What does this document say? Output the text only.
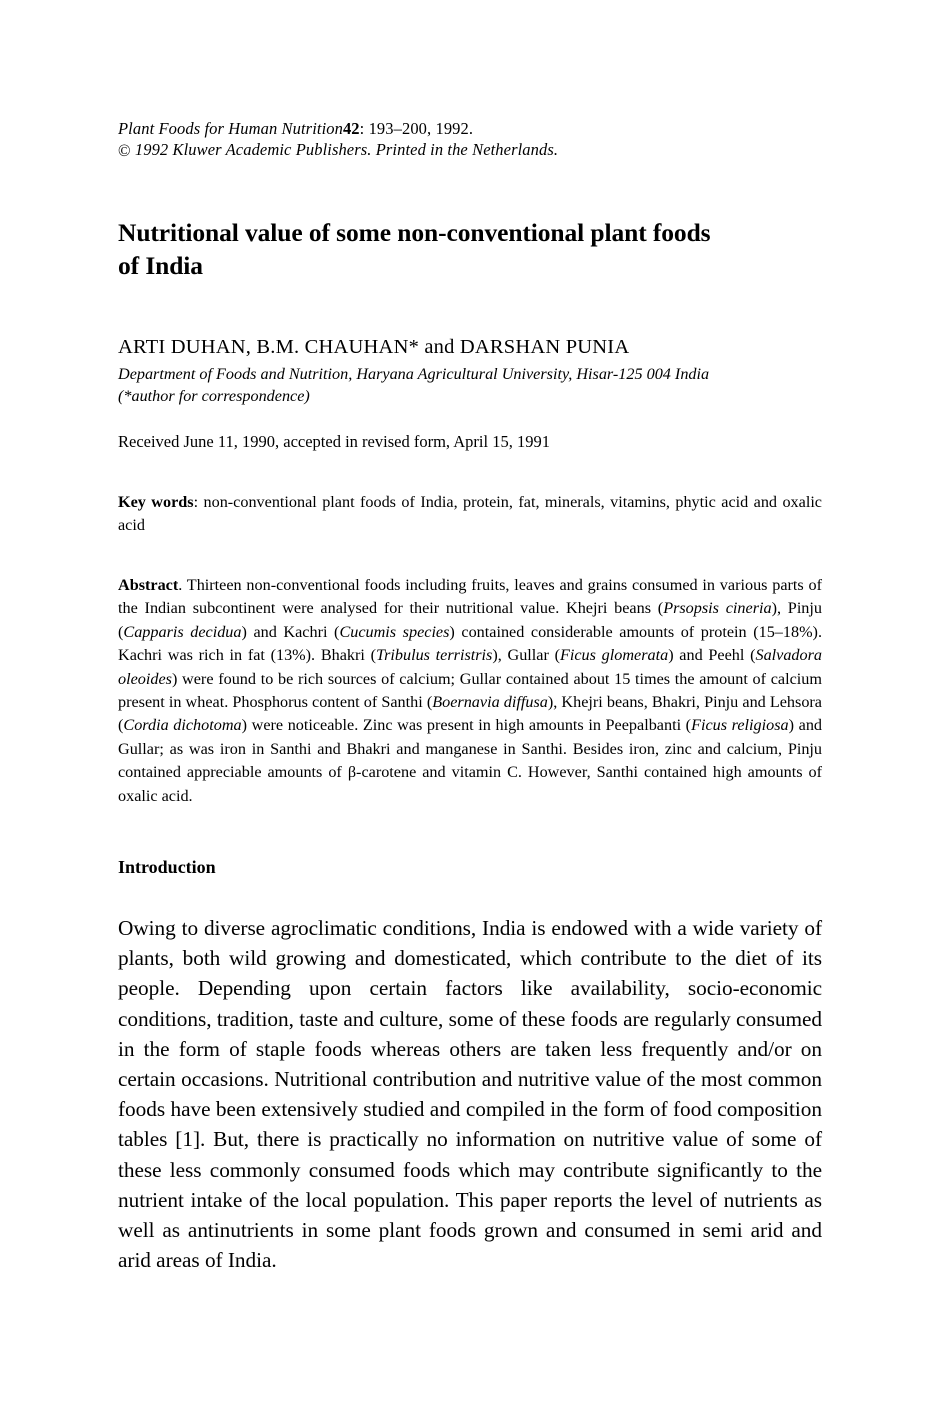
Plant Foods for Human Nutrition42: 193–200, 1992.
© 1992 Kluwer Academic Publishers. Printed in the Netherlands.
Nutritional value of some non-conventional plant foods
of India
ARTI DUHAN, B.M. CHAUHAN* and DARSHAN PUNIA
Department of Foods and Nutrition, Haryana Agricultural University, Hisar-125 004 India
(*author for correspondence)
Received June 11, 1990, accepted in revised form, April 15, 1991
Key words: non-conventional plant foods of India, protein, fat, minerals, vitamins, phytic acid and oxalic acid
Abstract. Thirteen non-conventional foods including fruits, leaves and grains consumed in various parts of the Indian subcontinent were analysed for their nutritional value. Khejri beans (Prsopsis cineria), Pinju (Capparis decidua) and Kachri (Cucumis species) contained considerable amounts of protein (15–18%). Kachri was rich in fat (13%). Bhakri (Tribulus terristris), Gullar (Ficus glomerata) and Peehl (Salvadora oleoides) were found to be rich sources of calcium; Gullar contained about 15 times the amount of calcium present in wheat. Phosphorus content of Santhi (Boernavia diffusa), Khejri beans, Bhakri, Pinju and Lehsora (Cordia dichotoma) were noticeable. Zinc was present in high amounts in Peepalbanti (Ficus religiosa) and Gullar; as was iron in Santhi and Bhakri and manganese in Santhi. Besides iron, zinc and calcium, Pinju contained appreciable amounts of β-carotene and vitamin C. However, Santhi contained high amounts of oxalic acid.
Introduction

Owing to diverse agroclimatic conditions, India is endowed with a wide variety of plants, both wild growing and domesticated, which contribute to the diet of its people. Depending upon certain factors like availability, socio-economic conditions, tradition, taste and culture, some of these foods are regularly consumed in the form of staple foods whereas others are taken less frequently and/or on certain occasions. Nutritional contribution and nutritive value of the most common foods have been extensively studied and compiled in the form of food composition tables [1]. But, there is practically no information on nutritive value of some of these less commonly consumed foods which may contribute significantly to the nutrient intake of the local population. This paper reports the level of nutrients as well as antinutrients in some plant foods grown and consumed in semi arid and arid areas of India.
